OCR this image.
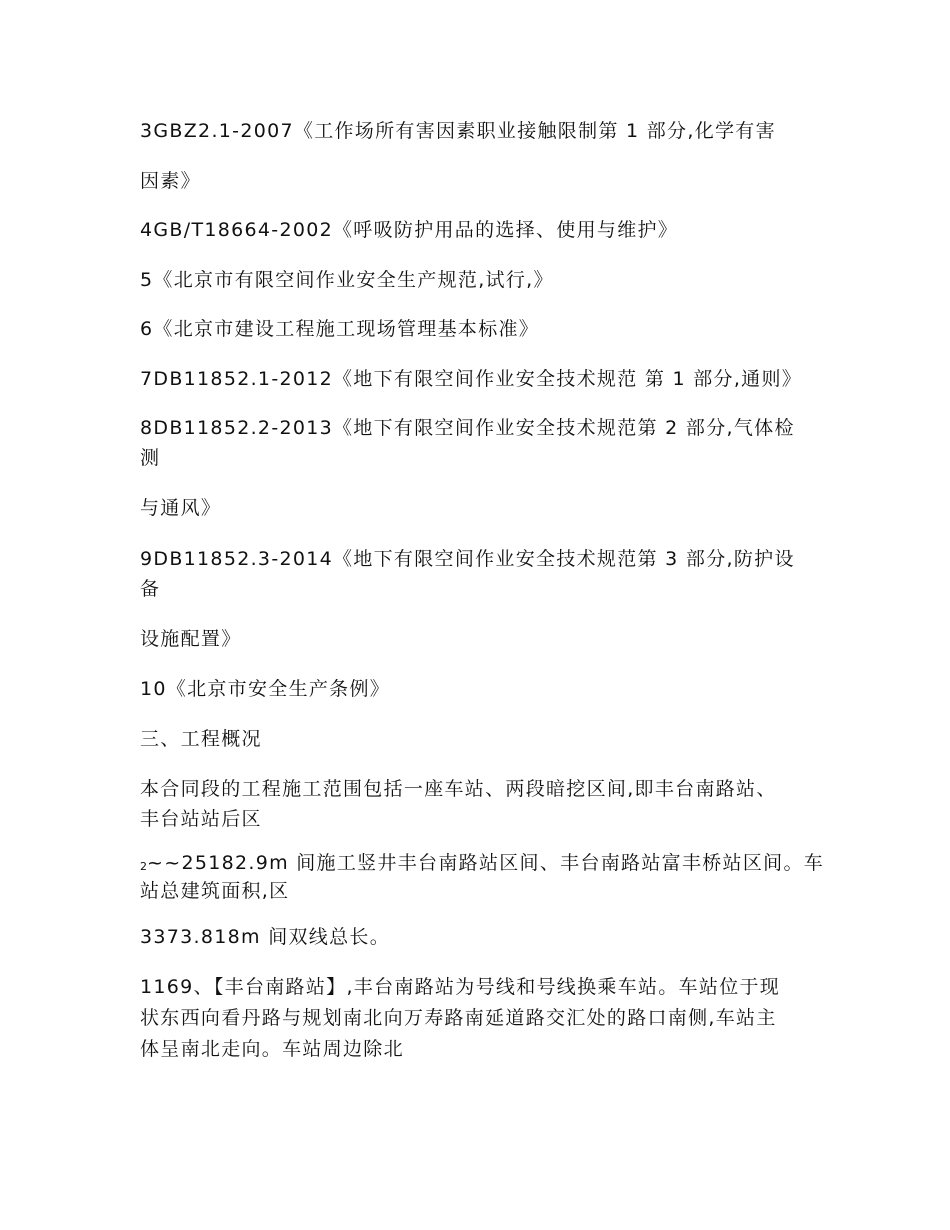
3GBZ2.1-2007《工作场所有害因素职业接触限制第 1 部分,化学有害
因素》
4GB/T18664-2002《呼吸防护用品的选择、使用与维护》
5《北京市有限空间作业安全生产规范,试行,》
6《北京市建设工程施工现场管理基本标准》
7DB11852.1-2012《地下有限空间作业安全技术规范 第 1 部分,通则》
8DB11852.2-2013《地下有限空间作业安全技术规范第 2 部分,气体检
测
与通风》
9DB11852.3-2014《地下有限空间作业安全技术规范第 3 部分,防护设
备
设施配置》
10《北京市安全生产条例》
三、工程概况
本合同段的工程施工范围包括一座车站、两段暗挖区间,即丰台南路站、
丰台站站后区
2~~25182.9m 间施工竖井丰台南路站区间、丰台南路站富丰桥站区间。车
站总建筑面积,区
3373.818m 间双线总长。
1169、【丰台南路站】,丰台南路站为号线和号线换乘车站。车站位于现
状东西向看丹路与规划南北向万寿路南延道路交汇处的路口南侧,车站主
体呈南北走向。车站周边除北
